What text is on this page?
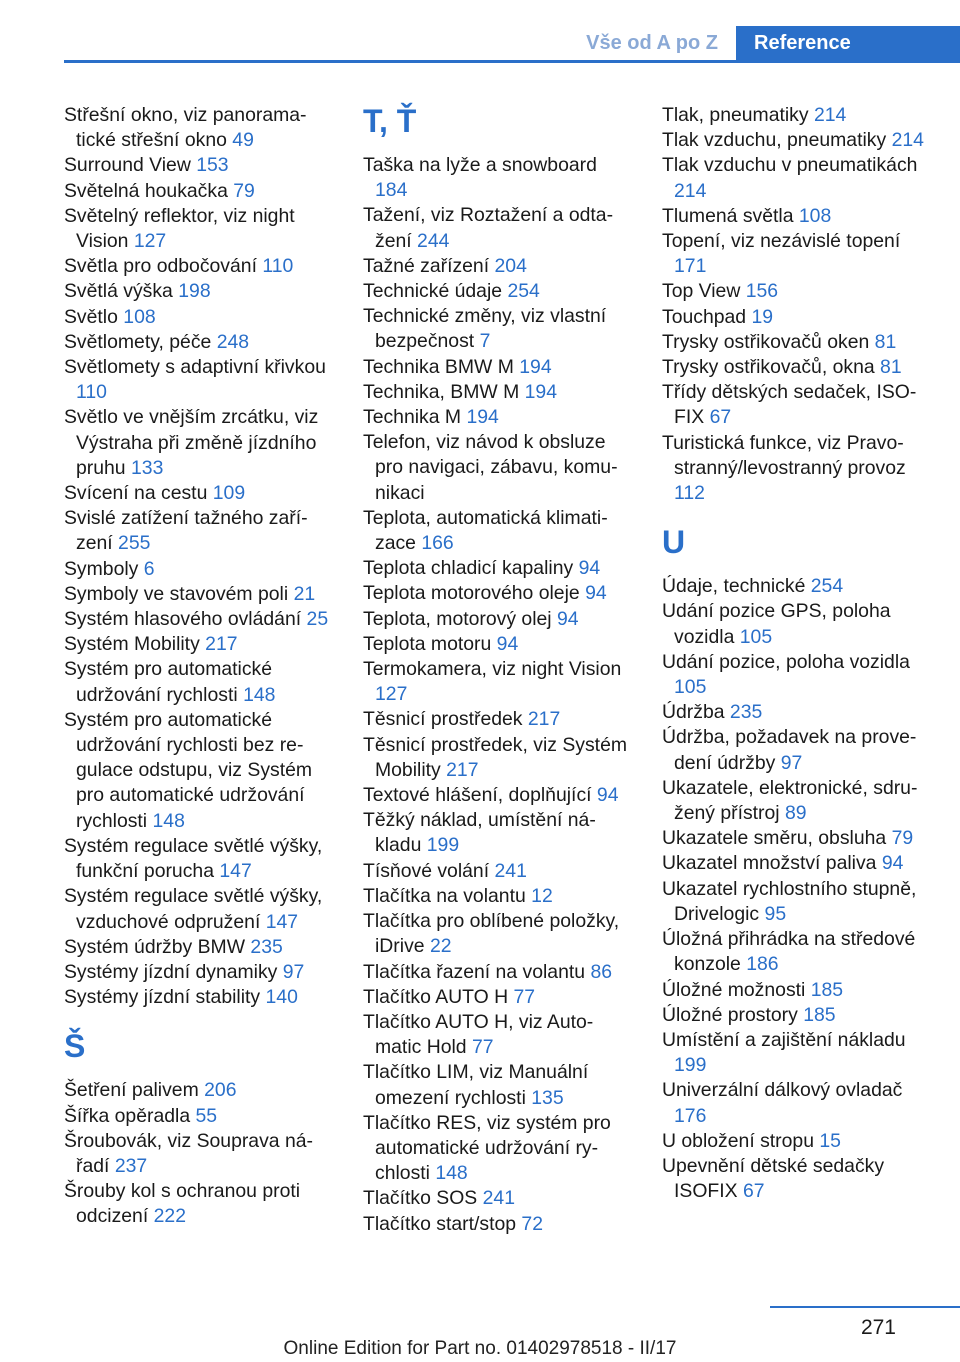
Vše od A po Z	Reference

Střešní okno, viz panoramatické střešní okno 49

Surround View 153

Světelná houkačka 79

Světelný reflektor, viz night Vision 127

Světla pro odbočování 110

Světlá výška 198

Světlo 108

Světlomety, péče 248

Světlomety s adaptivní křivkou 110

Světlo ve vnějším zrcátku, viz Výstraha při změně jízdního pruhu 133

Svícení na cestu 109

Svislé zatížení tažného zařízení 255

Symboly 6

Symboly ve stavovém poli 21

Systém hlasového ovládání 25

Systém Mobility 217

Systém pro automatické udržování rychlosti 148

Systém pro automatické udržování rychlosti bez regulace odstupu, viz Systém pro automatické udržování rychlosti 148

Systém regulace světlé výšky, funkční porucha 147

Systém regulace světlé výšky, vzduchové odpružení 147

Systém údržby BMW 235

Systémy jízdní dynamiky 97

Systémy jízdní stability 140

Š

Šetření palivem 206

Šířka opěradla 55

Šroubovák, viz Souprava nářadí 237

Šrouby kol s ochranou proti odcizení 222

T, Ť

Taška na lyže a snowboard 184

Tažení, viz Roztažení a odtažení 244

Tažné zařízení 204

Technické údaje 254

Technické změny, viz vlastní bezpečnost 7

Technika BMW M 194

Technika, BMW M 194

Technika M 194

Telefon, viz návod k obsluze pro navigaci, zábavu, komunikaci

Teplota, automatická klimatizace 166

Teplota chladicí kapaliny 94

Teplota motorového oleje 94

Teplota, motorový olej 94

Teplota motoru 94

Termokamera, viz night Vision 127

Těsnicí prostředek 217

Těsnicí prostředek, viz Systém Mobility 217

Textové hlášení, doplňující 94

Těžký náklad, umístění nákladu 199

Tísňové volání 241

Tlačítka na volantu 12

Tlačítka pro oblíbené položky, iDrive 22

Tlačítka řazení na volantu 86

Tlačítko AUTO H 77

Tlačítko AUTO H, viz Automatic Hold 77

Tlačítko LIM, viz Manuální omezení rychlosti 135

Tlačítko RES, viz systém pro automatické udržování rychlosti 148

Tlačítko SOS 241

Tlačítko start/stop 72

Tlak, pneumatiky 214

Tlak vzduchu, pneumatiky 214

Tlak vzduchu v pneumatikách 214

Tlumená světla 108

Topení, viz nezávislé topení 171

Top View 156

Touchpad 19

Trysky ostřikovačů oken 81

Trysky ostřikovačů, okna 81

Třídy dětských sedaček, ISOFIX 67

Turistická funkce, viz Pravostranný/levostranný provoz 112

U

Údaje, technické 254

Udání pozice GPS, poloha vozidla 105

Udání pozice, poloha vozidla 105

Údržba 235

Údržba, požadavek na provedení údržby 97

Ukazatele, elektronické, sdružený přístroj 89

Ukazatele směru, obsluha 79

Ukazatel množství paliva 94

Ukazatel rychlostního stupně, Drivelogic 95

Úložná přihrádka na středové konzole 186

Úložné možnosti 185

Úložné prostory 185

Umístění a zajištění nákladu 199

Univerzální dálkový ovladač 176

U obložení stropu 15

Upevnění dětské sedačky ISOFIX 67

271
Online Edition for Part no. 01402978518 - II/17
